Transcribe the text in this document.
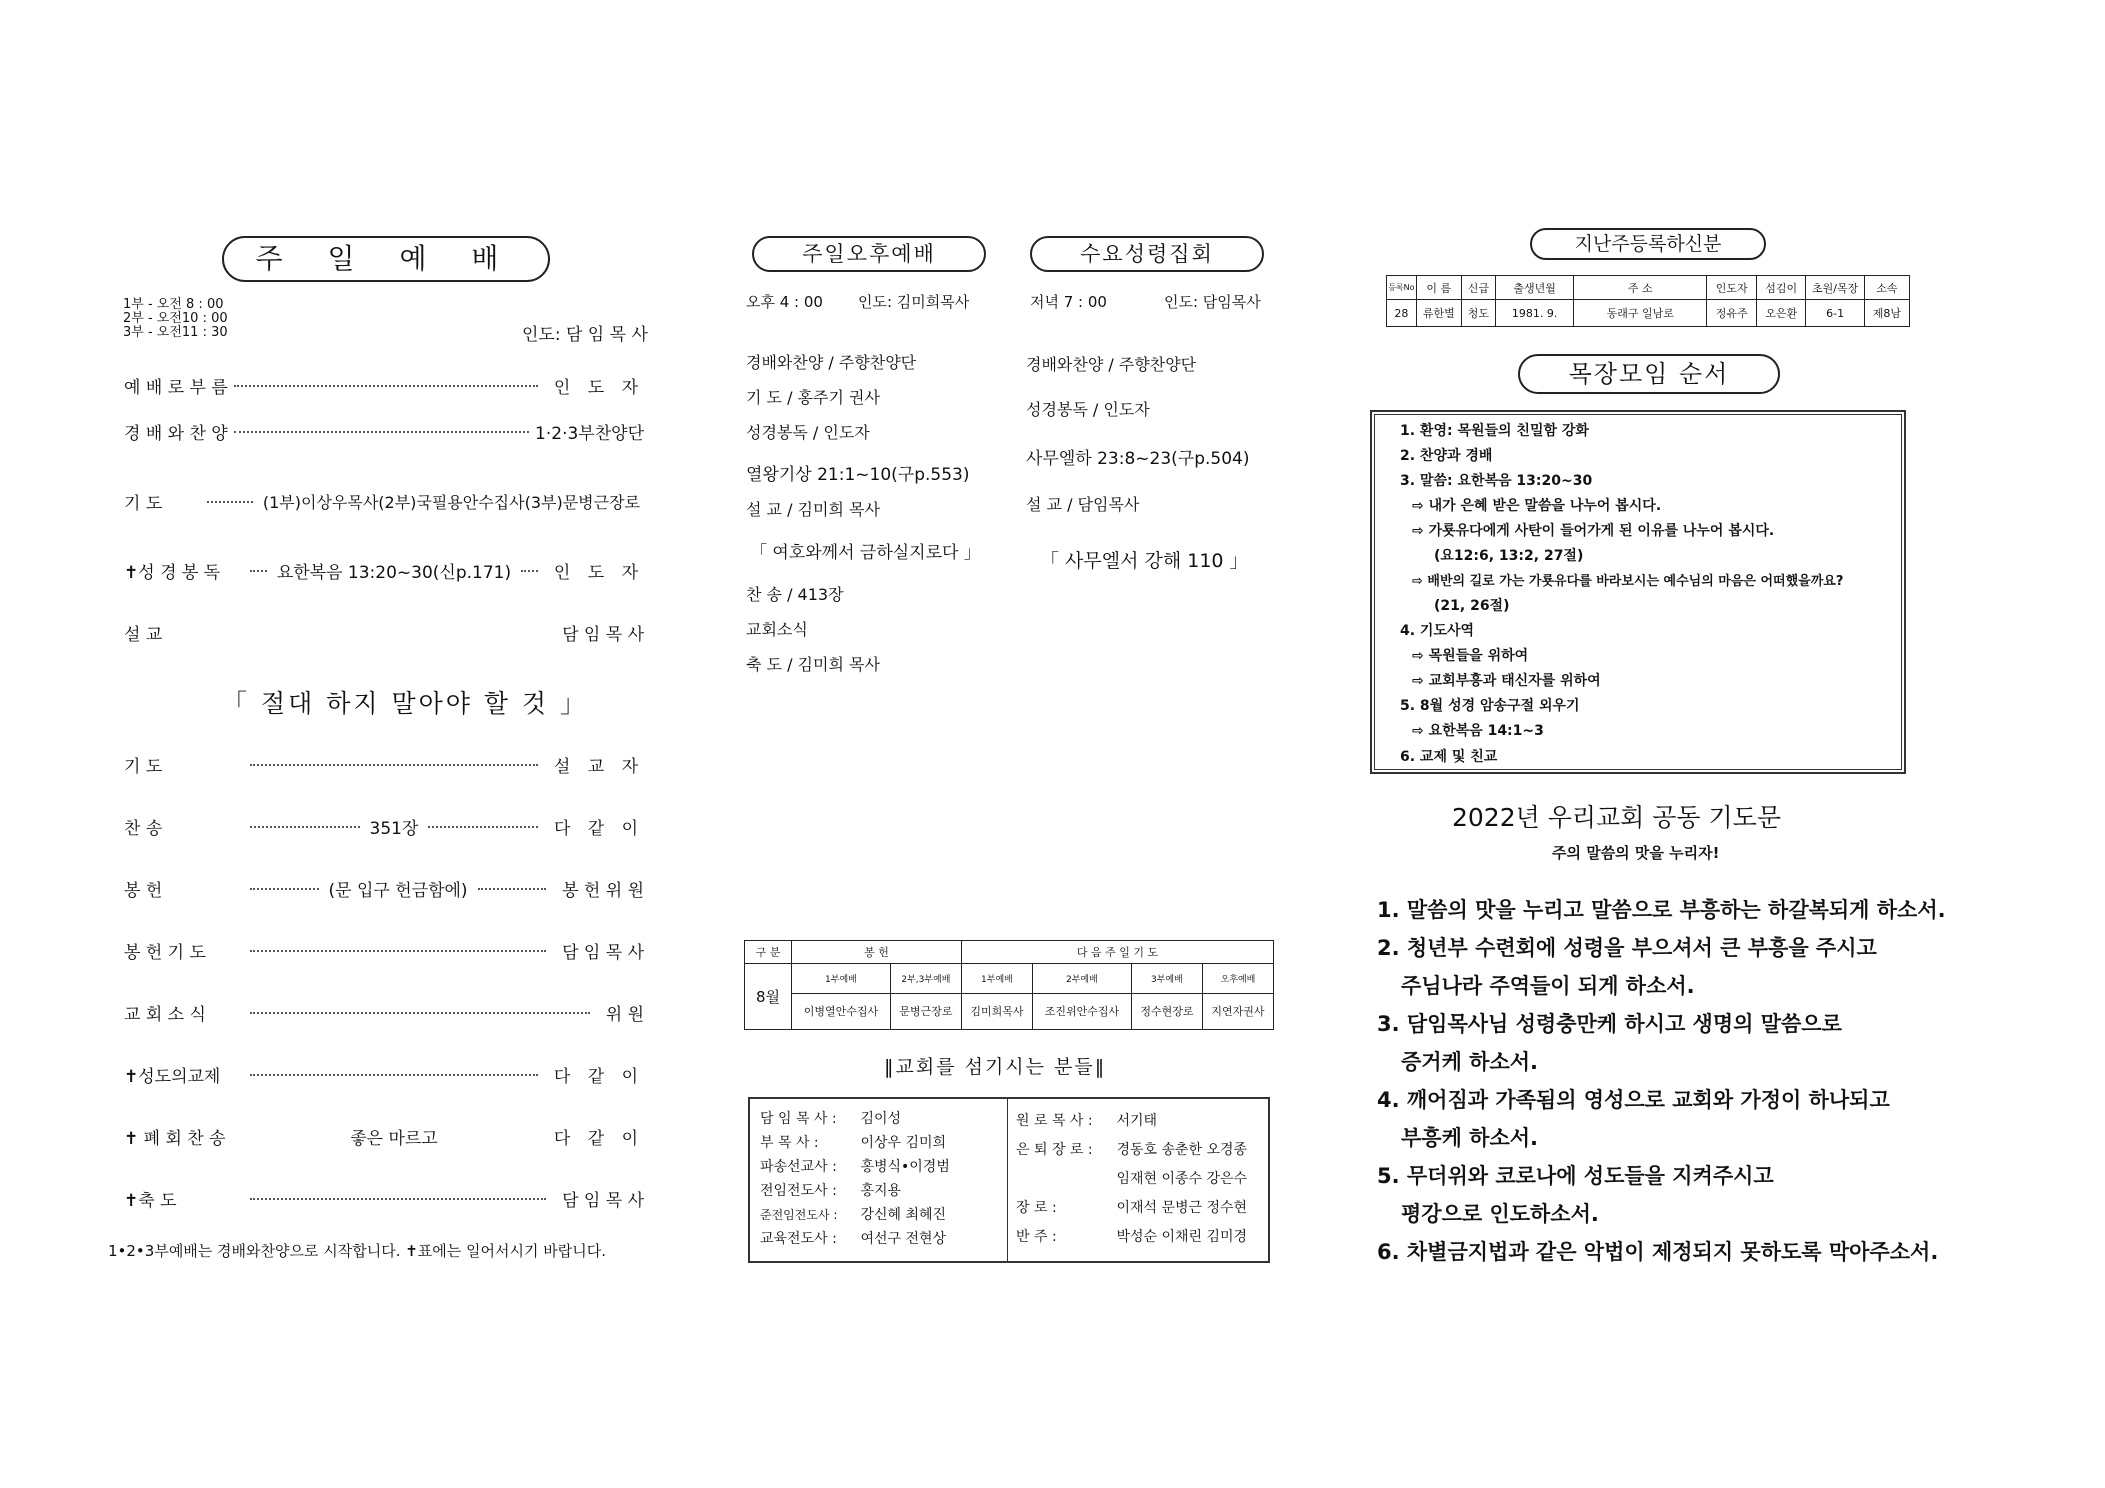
주 일 예 배
1부 - 오전 8 : 00
2부 - 오전10 : 00
3부 - 오전11 : 30	인도: 담 임 목 사
예 배 로 부 름	인 도 자
경 배 와 찬 양	1·2·3부찬양단
기 도	(1부)이상우목사(2부)국필용안수집사(3부)문병근장로
✝성 경 봉 독	요한복음 13:20~30(신p.171)	인 도 자
설 교	담 임 목 사
「 절대 하지 말아야 할 것 」
기 도	설 교 자
찬 송	351장	다 같 이
봉 헌	(문 입구 헌금함에)	봉 헌 위 원
봉 헌 기 도	담 임 목 사
교 회 소 식	위 원
✝성도의교제	다 같 이
✝ 폐 회 찬 송	좋은 마르고	다 같 이
✝축 도	담 임 목 사
1•2•3부예배는 경배와찬양으로 시작합니다. ✝표에는 일어서시기 바랍니다.
주일오후예배	수요성령집회
오후 4 : 00 인도: 김미희목사
경배와찬양 / 주향찬양단
기 도 / 홍주기 권사
성경봉독 / 인도자
열왕기상 21:1~10(구p.553)
설 교 / 김미희 목사
「 여호와께서 금하실지로다 」
찬 송 / 413장
교회소식
축 도 / 김미희 목사
저녁 7 : 00	인도: 담임목사
경배와찬양 / 주향찬양단
성경봉독 / 인도자
사무엘하 23:8~23(구p.504)
설 교 / 담임목사
「 사무엘서 강해 110 」
구 분	봉 헌		다 음 주 일 기 도			
8월	1부예배	2부,3부예배	1부예배	2부예배	3부예배	오후예배
	이병열안수집사	문병근장로	김미희목사	조진위안수집사	정수현장로	지연자권사
‖교회를 섬기시는 분들‖
담 임 목 사 : 김이성
부 목 사 :	이상우 김미희
파송선교사 : 홍병식•이경범
전임전도사 : 홍지용
준전임전도사 : 강신혜 최혜진
교육전도사 : 여선구 전현상
원 로 목 사 : 서기태
은 퇴 장 로 : 경동호 송춘한 오경종
임재현 이종수 강은수
장 로 :	이재석 문병근 정수현
반 주 :	박성순 이채린 김미경
지난주등록하신분
등록No	이 름	신급	출생년월	주 소	인도자	섬김이	초원/목장	소속
28	류한별	청도	1981. 9.	동래구 일남로	정유주	오은환	6-1	제8남
목장모임 순서
1. 환영: 목원들의 친밀함 강화
2. 찬양과 경배
3. 말씀: 요한복음 13:20~30
⇨ 내가 은혜 받은 말씀을 나누어 봅시다.
⇨ 가룟유다에게 사탄이 들어가게 된 이유를 나누어 봅시다.
(요12:6, 13:2, 27절)
⇨ 배반의 길로 가는 가룟유다를 바라보시는 예수님의 마음은 어떠했을까요?
(21, 26절)
4. 기도사역
⇨ 목원들을 위하여
⇨ 교회부흥과 태신자를 위하여
5. 8월 성경 암송구절 외우기
⇨ 요한복음 14:1~3
6. 교제 및 친교
2022년 우리교회 공동 기도문
주의 말씀의 맛을 누리자!
1. 말씀의 맛을 누리고 말씀으로 부흥하는 하갈복되게 하소서.
2. 청년부 수련회에 성령을 부으셔서 큰 부흥을 주시고
주님나라 주역들이 되게 하소서.
3. 담임목사님 성령충만케 하시고 생명의 말씀으로
증거케 하소서.
4. 깨어짐과 가족됨의 영성으로 교회와 가정이 하나되고
부흥케 하소서.
5. 무더위와 코로나에 성도들을 지켜주시고
평강으로 인도하소서.
6. 차별금지법과 같은 악법이 제정되지 못하도록 막아주소서.
